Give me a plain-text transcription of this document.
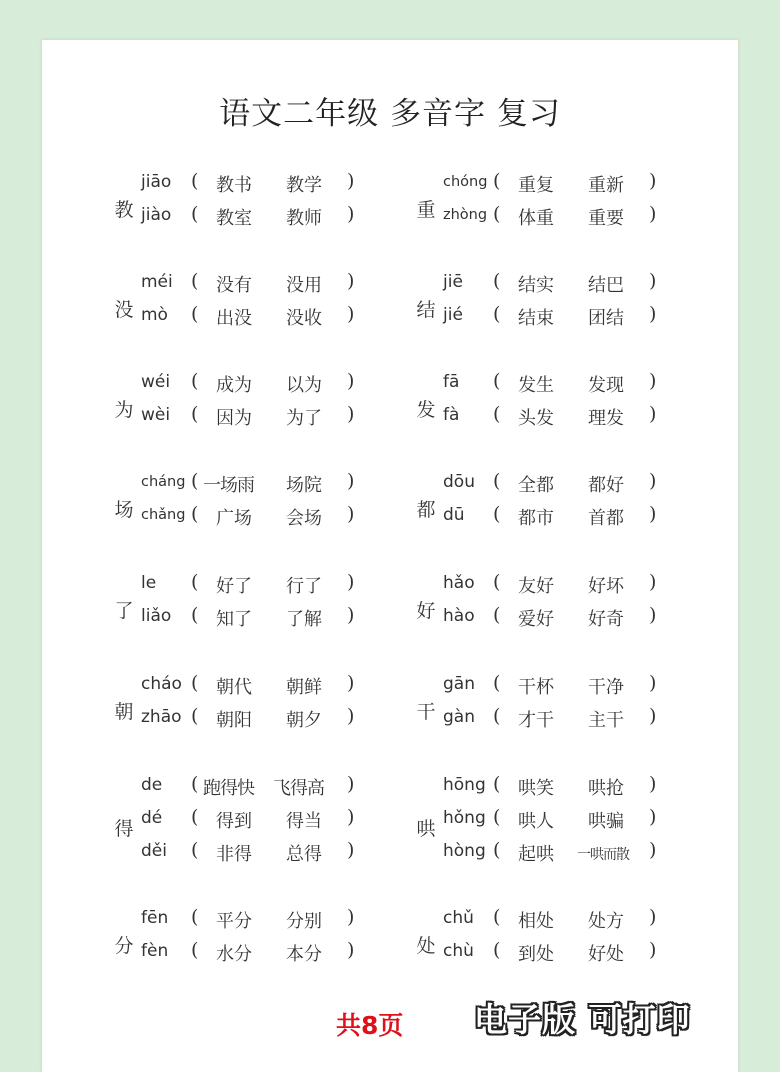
语文二年级 多音字 复习
教
jiāo ( 教书 教学 )
jiào ( 教室 教师 )
没
méi ( 没有 没用 )
mò ( 出没 没收 )
为
wéi ( 成为 以为 )
wèi ( 因为 为了 )
场
cháng ( 一场雨 场院 )
chǎng ( 广场 会场 )
了
le ( 好了 行了 )
liǎo ( 知了 了解 )
朝
cháo ( 朝代 朝鲜 )
zhāo ( 朝阳 朝夕 )
得
de ( 跑得快 飞得高 )
dé ( 得到 得当 )
děi ( 非得 总得 )
分
fēn ( 平分 分别 )
fèn ( 水分 本分 )
重
chóng ( 重复 重新 )
zhòng ( 体重 重要 )
结
jiē ( 结实 结巴 )
jié ( 结束 团结 )
发
fā ( 发生 发现 )
fà ( 头发 理发 )
都
dōu ( 全都 都好 )
dū ( 都市 首都 )
好
hǎo ( 友好 好坏 )
hào ( 爱好 好奇 )
干
gān ( 干杯 干净 )
gàn ( 才干 主干 )
哄
hōng ( 哄笑 哄抢 )
hǒng ( 哄人 哄骗 )
hòng ( 起哄 一哄而散 )
处
chǔ ( 相处 处方 )
chù ( 到处 好处 )
共8页 电子版 可打印
